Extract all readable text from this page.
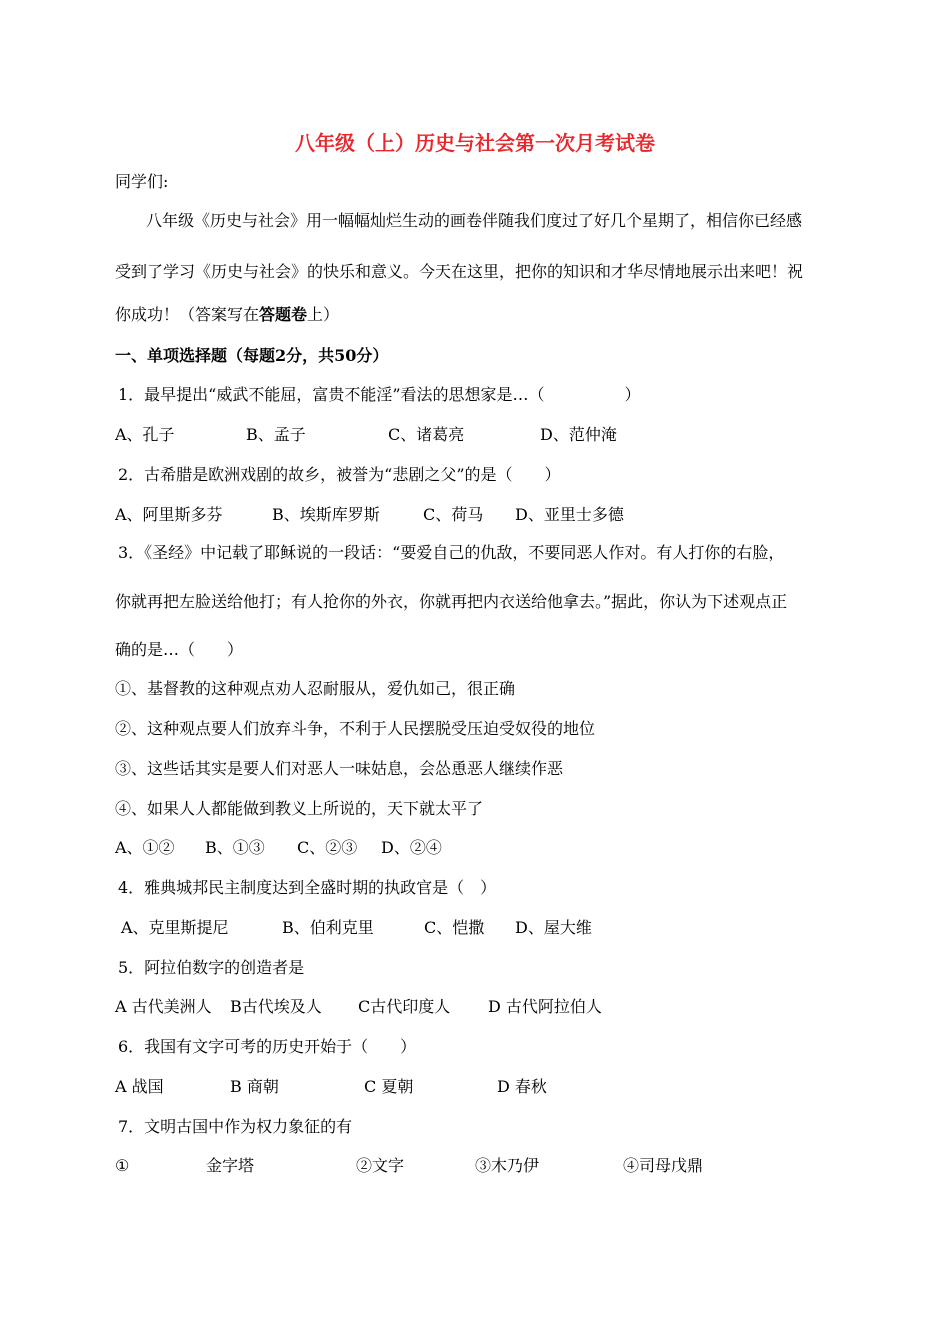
八年级（上）历史与社会第一次月考试卷
同学们:
八年级《历史与社会》用一幅幅灿烂生动的画卷伴随我们度过了好几个星期了，相信你已经感
受到了学习《历史与社会》的快乐和意义。今天在这里，把你的知识和才华尽情地展示出来吧！祝
你成功！（答案写在答题卷上）
一、单项选择题（每题2分，共50分）
1．最早提出“威武不能屈，富贵不能淫”看法的思想家是…（　　　　　）
A、孔子	B、孟子	C、诸葛亮	D、范仲淹
2．古希腊是欧洲戏剧的故乡，被誉为“悲剧之父”的是（　　）
A、阿里斯多芬	B、埃斯库罗斯	C、荷马 D、亚里士多德
3．《圣经》中记载了耶稣说的一段话：“要爱自己的仇敌，不要同恶人作对。有人打你的右脸，
你就再把左脸送给他打；有人抢你的外衣，你就再把内衣送给他拿去。”据此，你认为下述观点正
确的是…（　　）
①、基督教的这种观点劝人忍耐服从，爱仇如己，很正确
②、这种观点要人们放弃斗争，不利于人民摆脱受压迫受奴役的地位
③、这些话其实是要人们对恶人一味姑息，会怂恿恶人继续作恶
④、如果人人都能做到教义上所说的，天下就太平了
A、①② B、①③ C、②③ D、②④
4．雅典城邦民主制度达到全盛时期的执政官是（　）
A、克里斯提尼	B、伯利克里	C、恺撒 D、屋大维
5．阿拉伯数字的创造者是
A 古代美洲人 B古代埃及人 C古代印度人 D 古代阿拉伯人
6．我国有文字可考的历史开始于（　　）
A 战国	B 商朝	C 夏朝	D 春秋
7．文明古国中作为权力象征的有
①	金字塔	②文字	③木乃伊	④司母戊鼎
